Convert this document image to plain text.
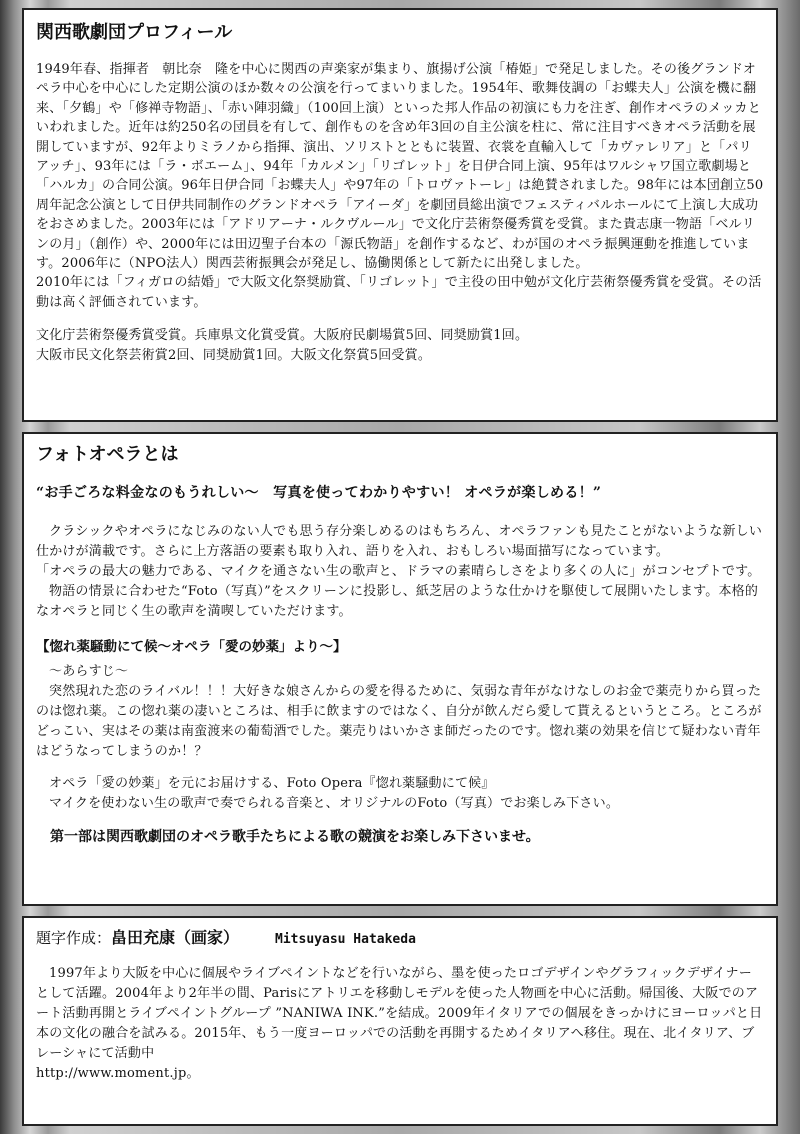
関西歌劇団プロフィール

1949年春、指揮者　朝比奈　隆を中心に関西の声楽家が集まり、旗揚げ公演「椿姫」で発足しました。その後グランドオペラ中心を中心にした定期公演のほか数々の公演を行ってまいりました。1954年、歌舞伎調の「お蝶夫人」公演を機に翻来、「夕鶴」や「修禅寺物語」、「赤い陣羽織」（100回上演）といった邦人作品の初演にも力を注ぎ、創作オペラのメッカといわれました。近年は約250名の団員を有して、創作ものを含め年3回の自主公演を柱に、常に注目すべきオペラ活動を展開していますが、92年よりミラノから指揮、演出、ソリストとともに装置、衣裳を直輸入して「カヴァレリア」と「パリアッチ」、93年には「ラ・ボエーム」、94年「カルメン」「リゴレット」を日伊合同上演、95年はワルシャワ国立歌劇場と「ハルカ」の合同公演。96年日伊合同「お蝶夫人」や97年の「トロヴァトーレ」は絶賛されました。98年には本団創立50周年記念公演として日伊共同制作のグランドオペラ「アイーダ」を劇団員総出演でフェスティバルホールにて上演し大成功をおさめました。2003年には「アドリアーナ・ルクヴルール」で文化庁芸術祭優秀賞を受賞。また貴志康一物語「ベルリンの月」（創作）や、2000年には田辺聖子台本の「源氏物語」を創作するなど、わが国のオペラ振興運動を推進しています。2006年に（NPO法人）関西芸術振興会が発足し、協働関係として新たに出発しました。

2010年には「フィガロの結婚」で大阪文化祭奨励賞、「リゴレット」で主役の田中勉が文化庁芸術祭優秀賞を受賞。その活動は高く評価されています。

文化庁芸術祭優秀賞受賞。兵庫県文化賞受賞。大阪府民劇場賞5回、同奨励賞1回。

大阪市民文化祭芸術賞2回、同奨励賞1回。大阪文化祭賞5回受賞。

フォトオペラとは

“お手ごろな料金なのもうれしい〜　写真を使ってわかりやすい！ オペラが楽しめる！”

クラシックやオペラになじみのない人でも思う存分楽しめるのはもちろん、オペラファンも見たことがないような新しい仕かけが満載です。さらに上方落語の要素も取り入れ、語りを入れ、おもしろい場面描写になっています。

「オペラの最大の魅力である、マイクを通さない生の歌声と、ドラマの素晴らしさをより多くの人に」がコンセプトです。

物語の情景に合わせた“Foto（写真）”をスクリーンに投影し、紙芝居のような仕かけを駆使して展開いたします。本格的なオペラと同じく生の歌声を満喫していただけます。

【惚れ薬騒動にて候〜オペラ「愛の妙薬」より〜】

〜あらすじ〜

突然現れた恋のライバル！！！大好きな娘さんからの愛を得るために、気弱な青年がなけなしのお金で薬売りから買ったのは惚れ薬。この惚れ薬の凄いところは、相手に飲ますのではなく、自分が飲んだら愛して貰えるというところ。ところがどっこい、実はその薬は南蛮渡来の葡萄酒でした。薬売りはいかさま師だったのです。惚れ薬の効果を信じて疑わない青年はどうなってしまうのか！？

オペラ「愛の妙薬」を元にお届けする、Foto Opera『惚れ薬騒動にて候』

マイクを使わない生の歌声で奏でられる音楽と、オリジナルのFoto（写真）でお楽しみ下さい。

第一部は関西歌劇団のオペラ歌手たちによる歌の競演をお楽しみ下さいませ。

題字作成：畠田充康（画家）	Mitsuyasu Hatakeda

1997年より大阪を中心に個展やライブペイントなどを行いながら、墨を使ったロゴデザインやグラフィックデザイナーとして活躍。2004年より2年半の間、Parisにアトリエを移動しモデルを使った人物画を中心に活動。帰国後、大阪でのアート活動再開とライブペイントグループ ”NANIWA INK.”を結成。2009年イタリアでの個展をきっかけにヨーロッパと日本の文化の融合を試みる。2015年、もう一度ヨーロッパでの活動を再開するためイタリアへ移住。現在、北イタリア、ブレーシャにて活動中

http://www.moment.jp。
